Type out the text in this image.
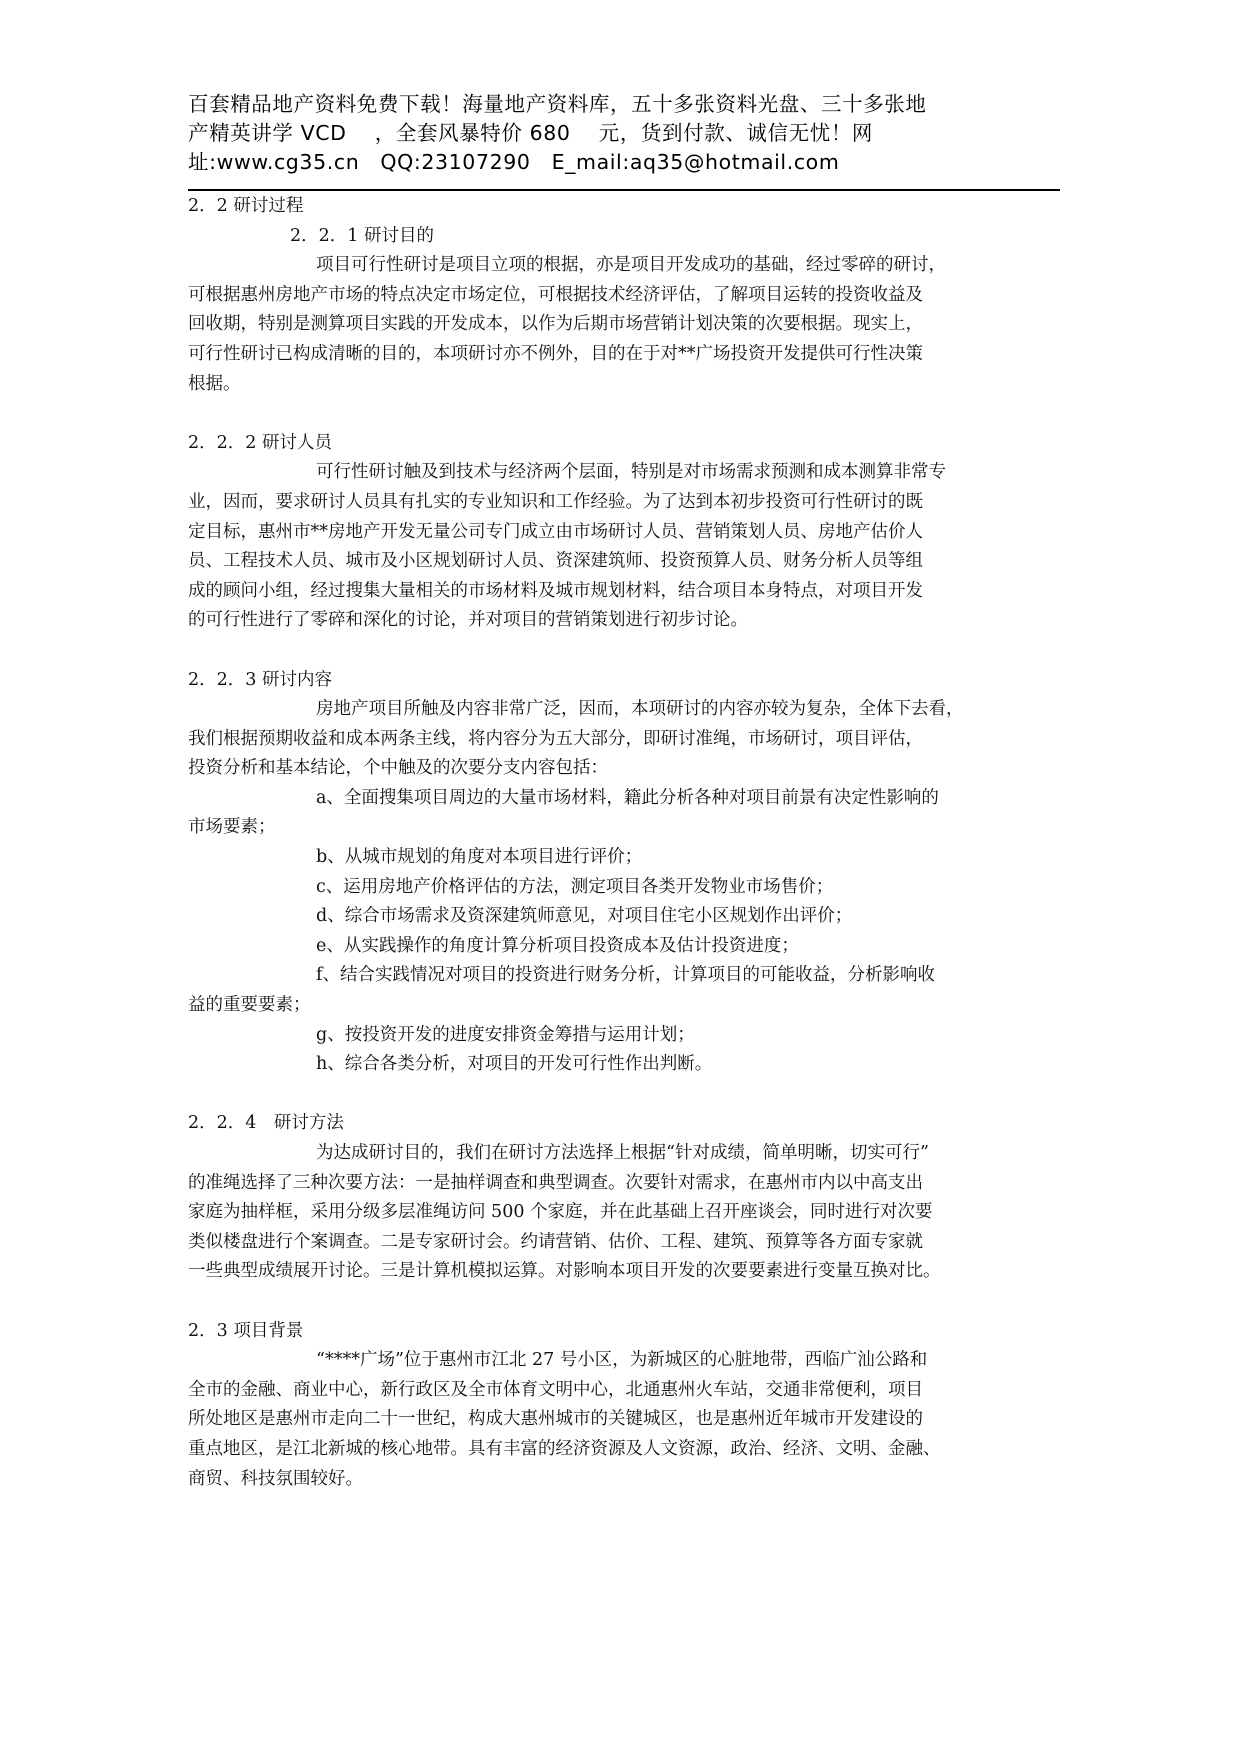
百套精品地产资料免费下载！海量地产资料库，五十多张资料光盘、三十多张地
产精英讲学 VCD　 ，全套风暴特价 680　 元，货到付款、诚信无忧！网
址:www.cg35.cn　QQ:23107290　E_mail:aq35@hotmail.com
2．2 研讨过程
2．2．1 研讨目的
项目可行性研讨是项目立项的根据，亦是项目开发成功的基础，经过零碎的研讨，
可根据惠州房地产市场的特点决定市场定位，可根据技术经济评估，了解项目运转的投资收益及
回收期，特别是测算项目实践的开发成本，以作为后期市场营销计划决策的次要根据。现实上，
可行性研讨已构成清晰的目的，本项研讨亦不例外，目的在于对**广场投资开发提供可行性决策
根据。
2．2．2 研讨人员
可行性研讨触及到技术与经济两个层面，特别是对市场需求预测和成本测算非常专
业，因而，要求研讨人员具有扎实的专业知识和工作经验。为了达到本初步投资可行性研讨的既
定目标，惠州市**房地产开发无量公司专门成立由市场研讨人员、营销策划人员、房地产估价人
员、工程技术人员、城市及小区规划研讨人员、资深建筑师、投资预算人员、财务分析人员等组
成的顾问小组，经过搜集大量相关的市场材料及城市规划材料，结合项目本身特点，对项目开发
的可行性进行了零碎和深化的讨论，并对项目的营销策划进行初步讨论。
2．2．3 研讨内容
房地产项目所触及内容非常广泛，因而，本项研讨的内容亦较为复杂，全体下去看，
我们根据预期收益和成本两条主线，将内容分为五大部分，即研讨准绳，市场研讨，项目评估，
投资分析和基本结论，个中触及的次要分支内容包括：
a、全面搜集项目周边的大量市场材料，籍此分析各种对项目前景有决定性影响的
市场要素；
b、从城市规划的角度对本项目进行评价；
c、运用房地产价格评估的方法，测定项目各类开发物业市场售价；
d、综合市场需求及资深建筑师意见，对项目住宅小区规划作出评价；
e、从实践操作的角度计算分析项目投资成本及估计投资进度；
f、结合实践情况对项目的投资进行财务分析，计算项目的可能收益，分析影响收
益的重要要素；
g、按投资开发的进度安排资金筹措与运用计划；
h、综合各类分析，对项目的开发可行性作出判断。
2．2．4　研讨方法
为达成研讨目的，我们在研讨方法选择上根据“针对成绩，简单明晰，切实可行”
的准绳选择了三种次要方法：一是抽样调查和典型调查。次要针对需求，在惠州市内以中高支出
家庭为抽样框，采用分级多层准绳访问 500 个家庭，并在此基础上召开座谈会，同时进行对次要
类似楼盘进行个案调查。二是专家研讨会。约请营销、估价、工程、建筑、预算等各方面专家就
一些典型成绩展开讨论。三是计算机模拟运算。对影响本项目开发的次要要素进行变量互换对比。
2．3 项目背景
“****广场”位于惠州市江北 27 号小区，为新城区的心脏地带，西临广汕公路和
全市的金融、商业中心，新行政区及全市体育文明中心，北通惠州火车站，交通非常便利，项目
所处地区是惠州市走向二十一世纪，构成大惠州城市的关键城区，也是惠州近年城市开发建设的
重点地区，是江北新城的核心地带。具有丰富的经济资源及人文资源，政治、经济、文明、金融、
商贸、科技氛围较好。
